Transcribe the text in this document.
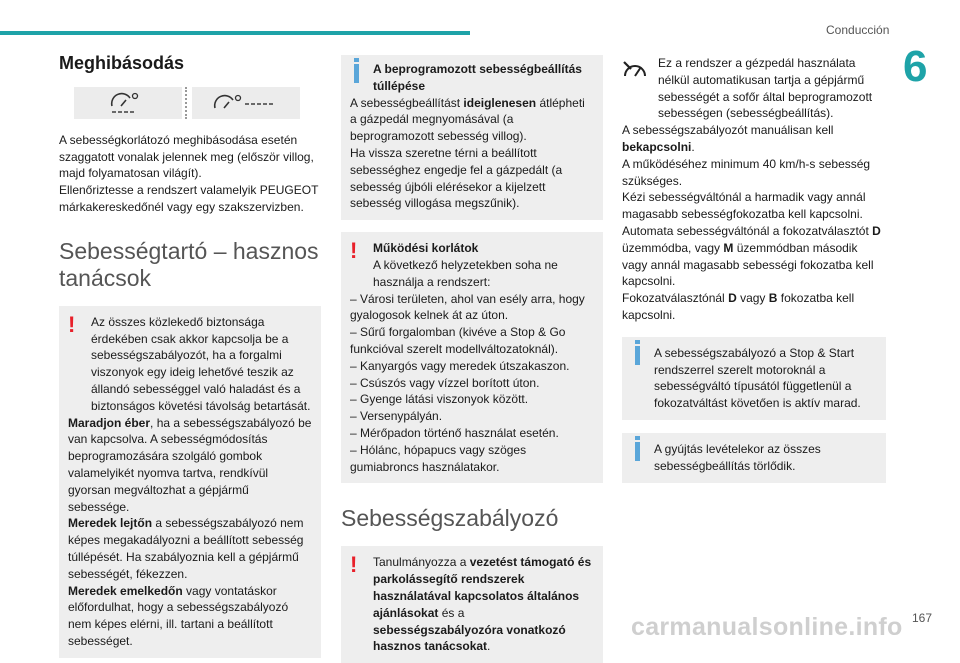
Conducción
6
Meghibásodás

A sebességkorlátozó meghibásodása esetén szaggatott vonalak jelennek meg (először villog, majd folyamatosan világít).

Ellenőriztesse a rendszert valamelyik PEUGEOT márkakereskedőnél vagy egy szakszervizben.

Sebességtartó – hasznos tanácsok
!	Az összes közlekedő biztonsága érdekében csak akkor kapcsolja be a sebességszabályozót, ha a forgalmi viszonyok egy ideig lehetővé teszik az állandó sebességgel való haladást és a biztonságos követési távolság betartását.

Maradjon éber, ha a sebességszabályozó be van kapcsolva. A sebességmódosítás beprogramozására szolgáló gombok valamelyikét nyomva tartva, rendkívül gyorsan megváltozhat a gépjármű sebessége.

Meredek lejtőn a sebességszabályozó nem képes megakadályozni a beállított sebesség túllépését. Ha szabályoznia kell a gépjármű sebességét, fékezzen.

Meredek emelkedőn vagy vontatáskor előfordulhat, hogy a sebességszabályozó nem képes elérni, ill. tartani a beállított sebességet.

A beprogramozott sebességbeállítás túllépése

A sebességbeállítást ideiglenesen átlépheti a gázpedál megnyomásával (a beprogramozott sebesség villog).

Ha vissza szeretne térni a beállított sebességhez engedje fel a gázpedált (a sebesség újbóli elérésekor a kijelzett sebesség villogása megszűnik).

!	Működési korlátok

A következő helyzetekben soha ne használja a rendszert:

– Városi területen, ahol van esély arra, hogy gyalogosok kelnek át az úton.

– Sűrű forgalomban (kivéve a Stop & Go funkcióval szerelt modellváltozatoknál).

– Kanyargós vagy meredek útszakaszon.

– Csúszós vagy vízzel borított úton.

– Gyenge látási viszonyok között.

– Versenypályán.

– Mérőpadon történő használat esetén.

– Hólánc, hópapucs vagy szöges gumiabroncs használatakor.

Sebességszabályozó
!	Tanulmányozza a vezetést támogató és parkolássegítő rendszerek használatával kapcsolatos általános ajánlásokat és a sebességszabályozóra vonatkozó hasznos tanácsokat.

Ez a rendszer a gézpedál használata nélkül automatikusan tartja a gépjármű sebességét a sofőr által beprogramozott sebességen (sebességbeállítás).

A sebességszabályozót manuálisan kell bekapcsolni.

A működéséhez minimum 40 km/h-s sebesség szükséges.

Kézi sebességváltónál a harmadik vagy annál magasabb sebességfokozatba kell kapcsolni.

Automata sebességváltónál a fokozatválasztót D üzemmódba, vagy M üzemmódban második vagy annál magasabb sebességi fokozatba kell kapcsolni.

Fokozatválasztónál D vagy B fokozatba kell kapcsolni.

A sebességszabályozó a Stop & Start rendszerrel szerelt motoroknál a sebességváltó típusától függetlenül a fokozatváltást követően is aktív marad.

A gyújtás levételekor az összes sebességbeállítás törlődik.

carmanualsonline.info 167
